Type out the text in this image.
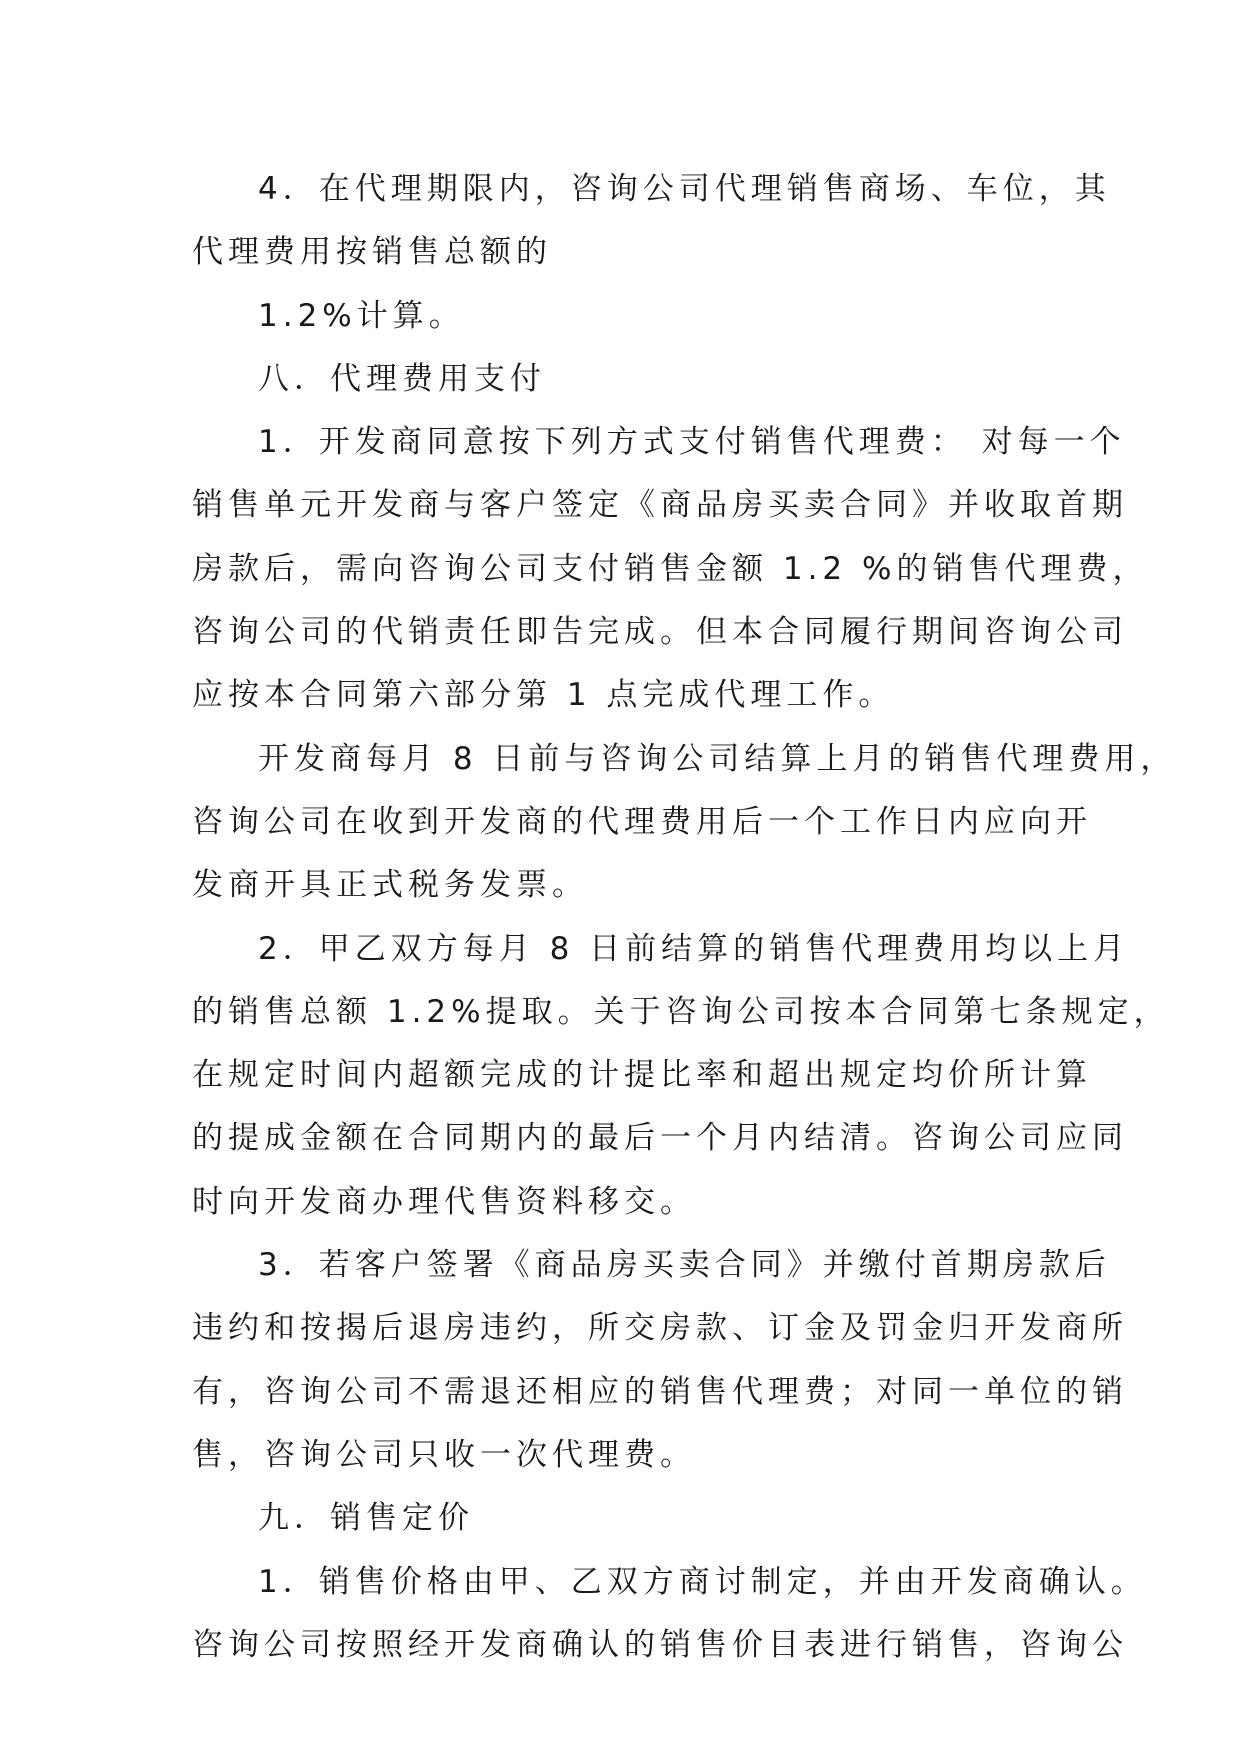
4．在代理期限内，咨询公司代理销售商场、车位，其
代理费用按销售总额的
1.2%计算。
八．代理费用支付
1．开发商同意按下列方式支付销售代理费： 对每一个
销售单元开发商与客户签定《商品房买卖合同》并收取首期
房款后，需向咨询公司支付销售金额 1.2 %的销售代理费，
咨询公司的代销责任即告完成。但本合同履行期间咨询公司
应按本合同第六部分第 1 点完成代理工作。
开发商每月 8 日前与咨询公司结算上月的销售代理费用，
咨询公司在收到开发商的代理费用后一个工作日内应向开
发商开具正式税务发票。
2．甲乙双方每月 8 日前结算的销售代理费用均以上月
的销售总额 1.2%提取。关于咨询公司按本合同第七条规定，
在规定时间内超额完成的计提比率和超出规定均价所计算
的提成金额在合同期内的最后一个月内结清。咨询公司应同
时向开发商办理代售资料移交。
3．若客户签署《商品房买卖合同》并缴付首期房款后
违约和按揭后退房违约，所交房款、订金及罚金归开发商所
有，咨询公司不需退还相应的销售代理费；对同一单位的销
售，咨询公司只收一次代理费。
九．销售定价
1．销售价格由甲、乙双方商讨制定，并由开发商确认。
咨询公司按照经开发商确认的销售价目表进行销售，咨询公
